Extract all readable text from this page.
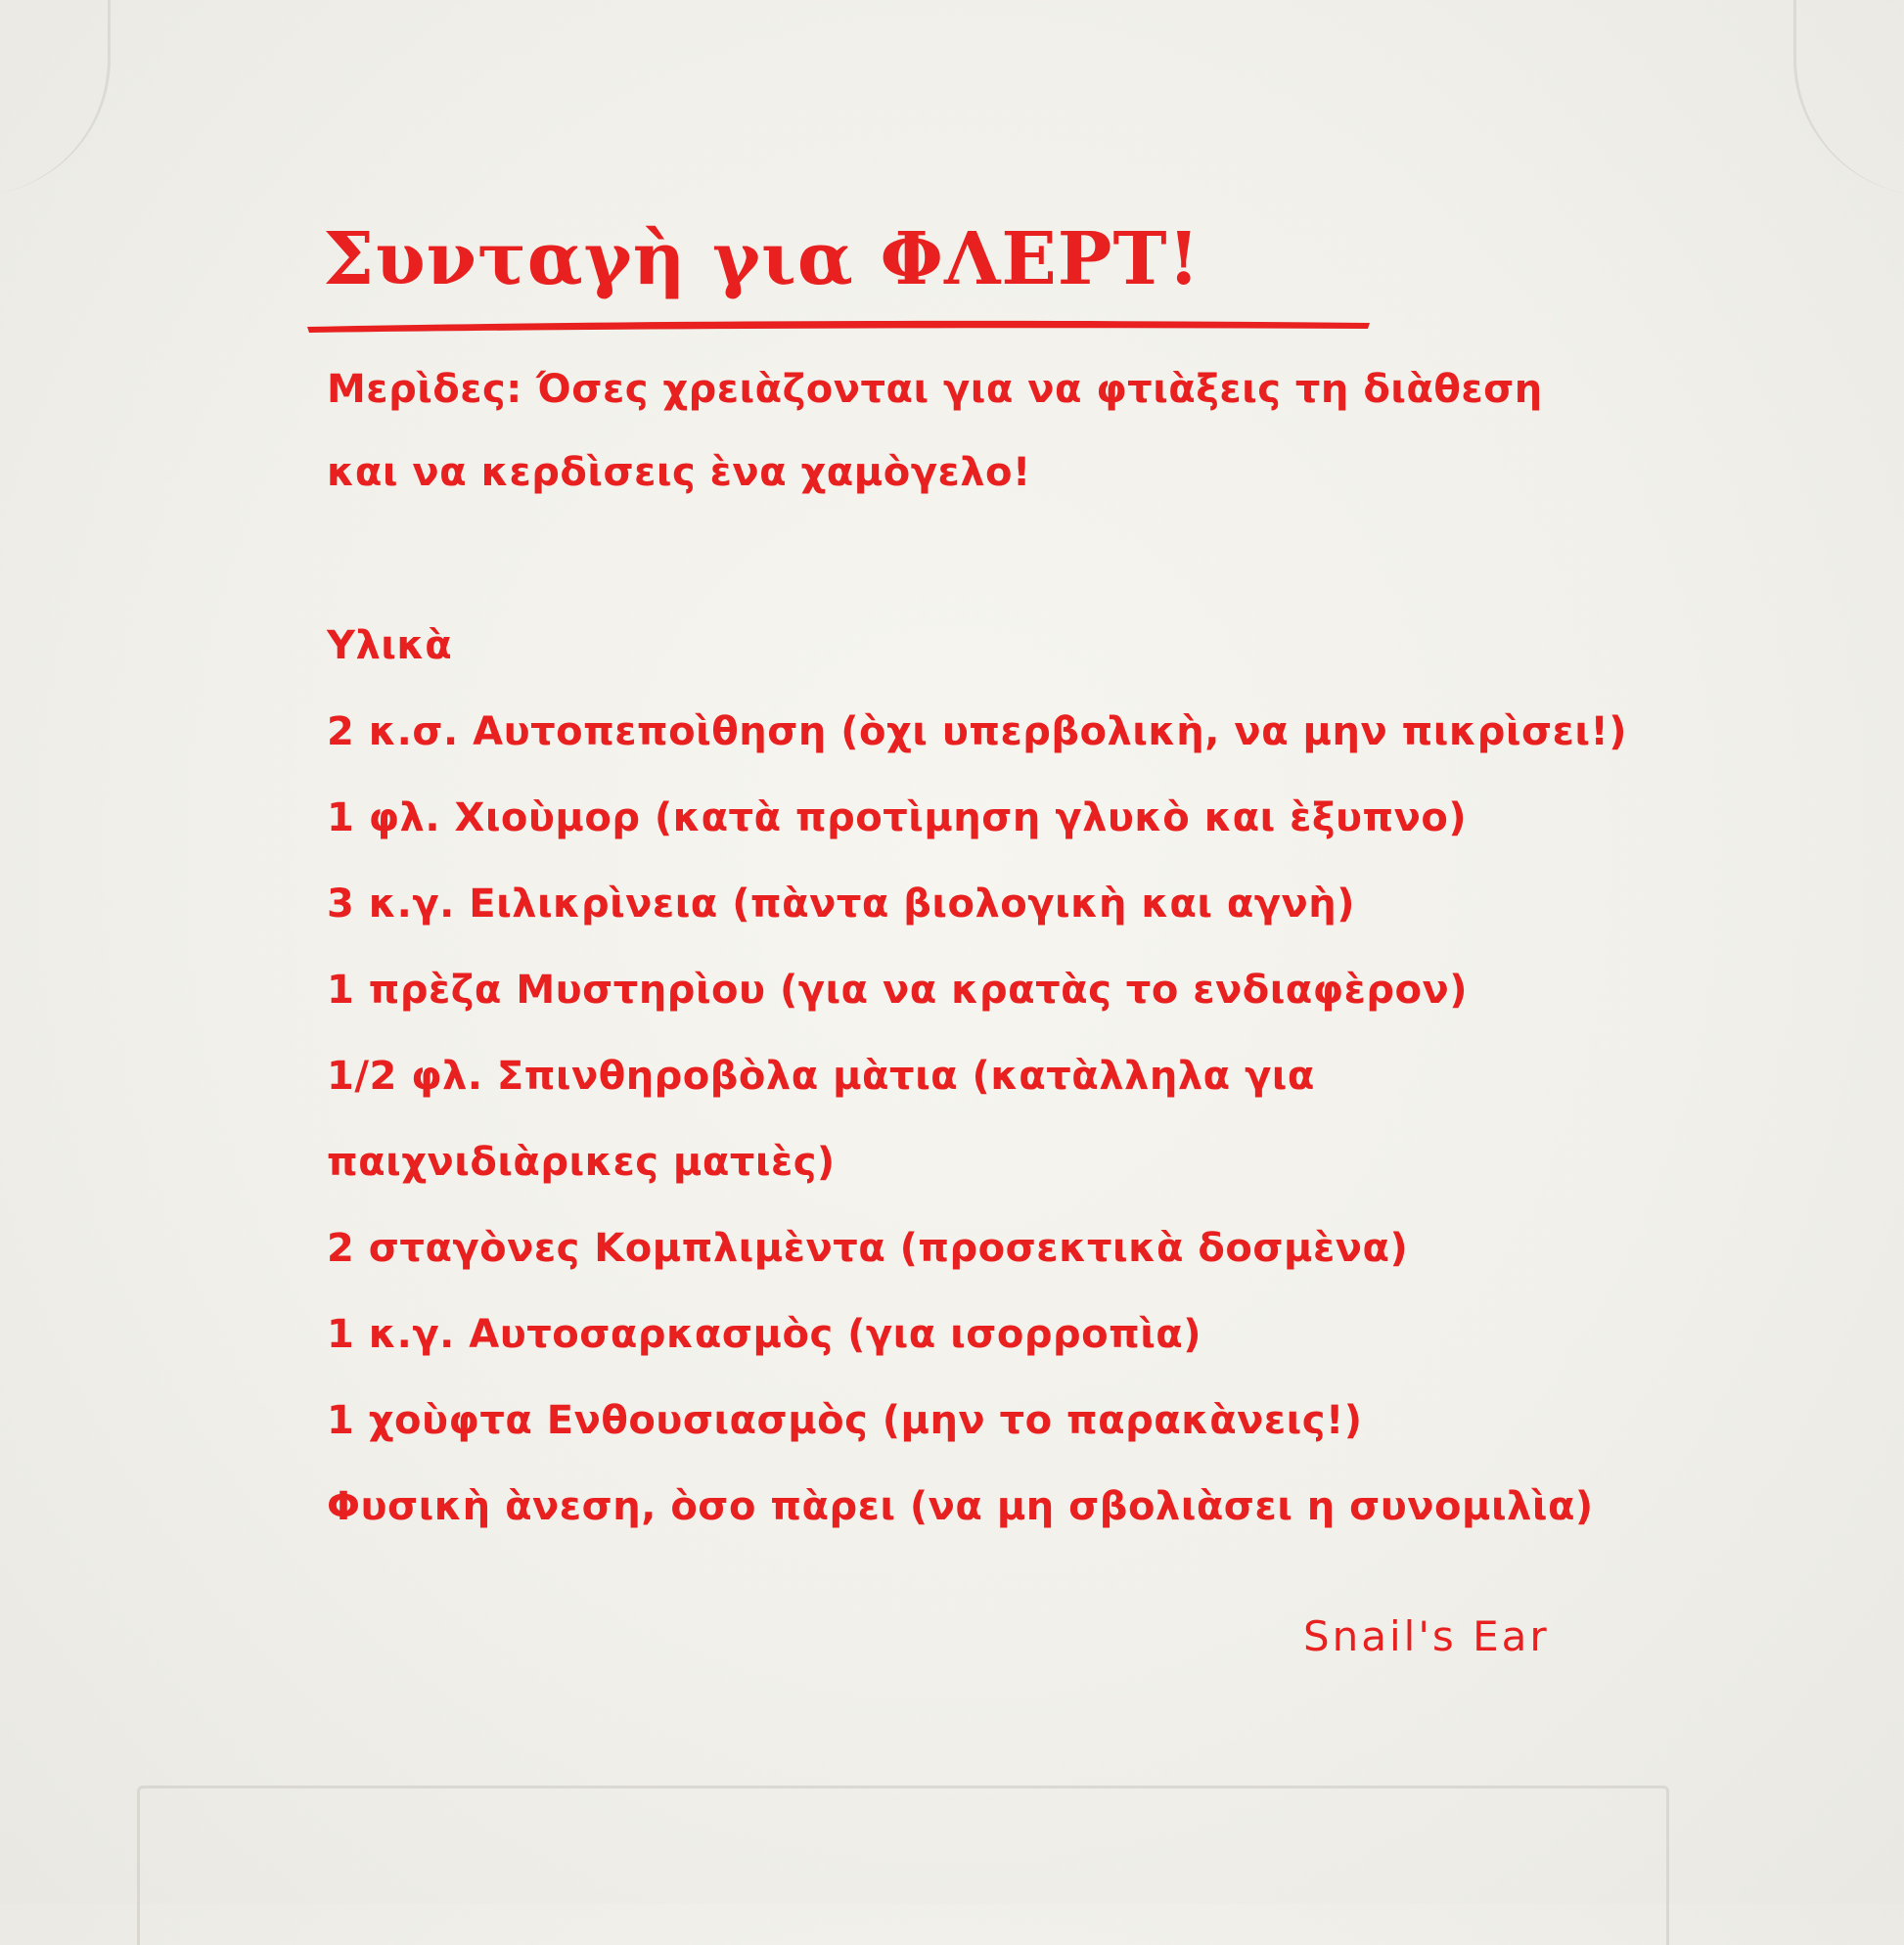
Συνταγὴ για ΦΛΕΡΤ!
Μερὶδες: Όσες χρειὰζονται για να φτιὰξεις τη διὰθεση
και να κερδὶσεις ὲνα χαμὸγελο!
Υλικὰ
2 κ.σ. Αυτοπεποὶθηση (ὸχι υπερβολικὴ, να μην πικρὶσει!)
1 φλ. Χιοὺμορ (κατὰ προτὶμηση γλυκὸ και ὲξυπνο)
3 κ.γ. Ειλικρὶνεια (πὰντα βιολογικὴ και αγνὴ)
1 πρὲζα Μυστηρὶου (για να κρατὰς το ενδιαφὲρον)
1/2 φλ. Σπινθηροβὸλα μὰτια (κατὰλληλα για
παιχνιδιὰρικες ματιὲς)
2 σταγὸνες Κομπλιμὲντα (προσεκτικὰ δοσμὲνα)
1 κ.γ. Αυτοσαρκασμὸς (για ισορροπὶα)
1 χοὺφτα Ενθουσιασμὸς (μην το παρακὰνεις!)
Φυσικὴ ὰνεση, ὸσο πὰρει (να μη σβολιὰσει η συνομιλὶα)
Snail's Ear
